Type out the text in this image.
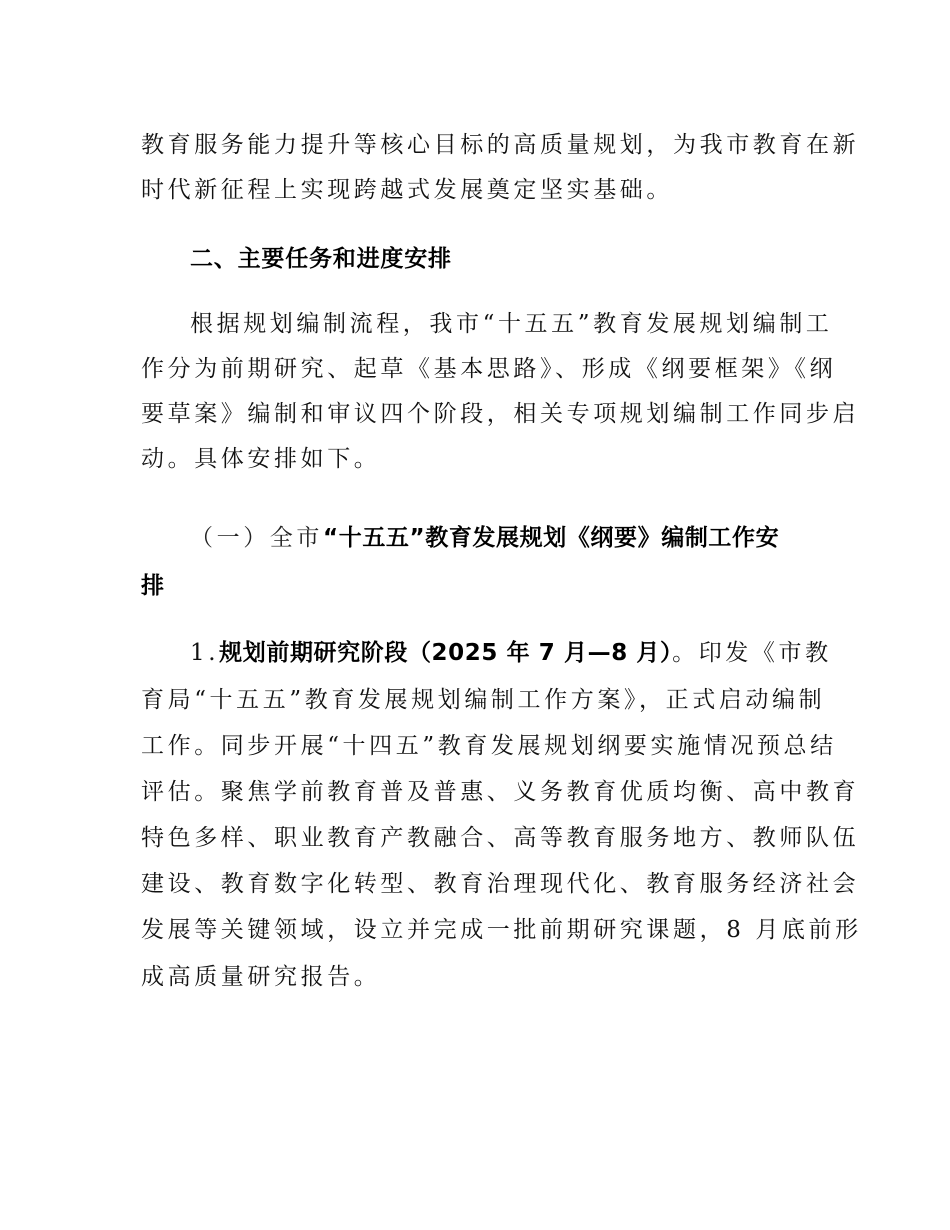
教育服务能力提升等核心目标的高质量规划，为我市教育在新
时代新征程上实现跨越式发展奠定坚实基础。
二、主要任务和进度安排
根据规划编制流程，我市“十五五”教育发展规划编制工
作分为前期研究、起草《基本思路》、形成《纲要框架》《纲
要草案》编制和审议四个阶段，相关专项规划编制工作同步启
动。具体安排如下。
（一）全市“十五五”教育发展规划《纲要》编制工作安
排
1.规划前期研究阶段（2025 年 7 月—8 月）。印发《市教
育局“十五五”教育发展规划编制工作方案》，正式启动编制
工作。同步开展“十四五”教育发展规划纲要实施情况预总结
评估。聚焦学前教育普及普惠、义务教育优质均衡、高中教育
特色多样、职业教育产教融合、高等教育服务地方、教师队伍
建设、教育数字化转型、教育治理现代化、教育服务经济社会
发展等关键领域，设立并完成一批前期研究课题，8 月底前形
成高质量研究报告。
